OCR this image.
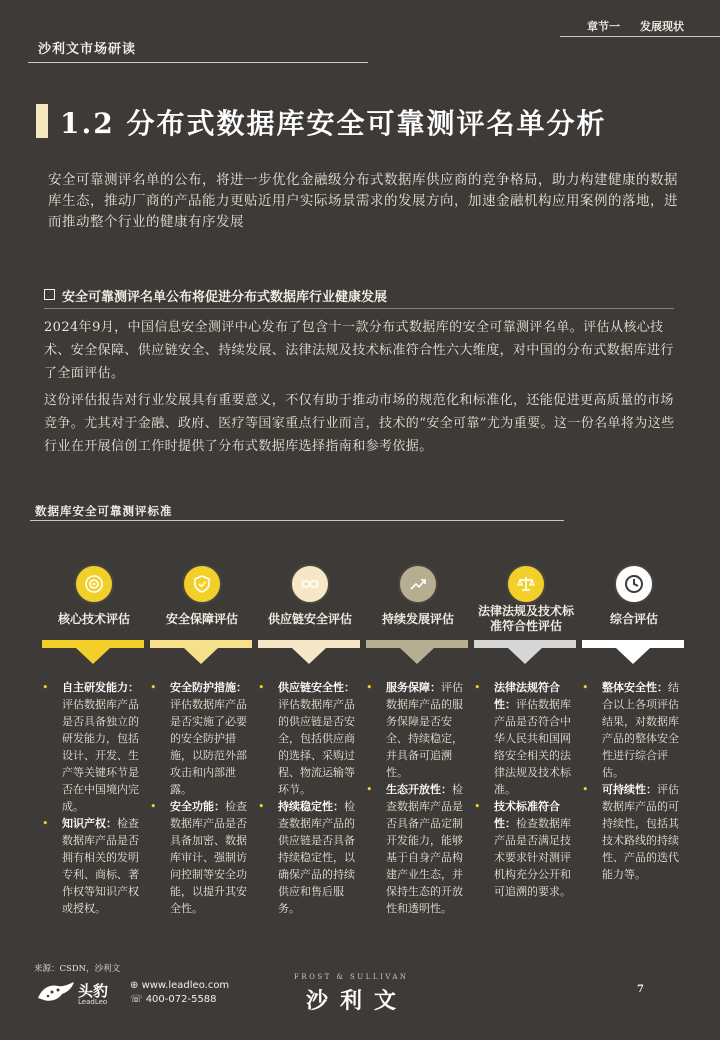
沙利文市场研读
章节一 发展现状
1.2 分布式数据库安全可靠测评名单分析
安全可靠测评名单的公布，将进一步优化金融级分布式数据库供应商的竞争格局，助力构建健康的数据库生态，推动厂商的产品能力更贴近用户实际场景需求的发展方向，加速金融机构应用案例的落地，进而推动整个行业的健康有序发展
安全可靠测评名单公布将促进分布式数据库行业健康发展
2024年9月，中国信息安全测评中心发布了包含十一款分布式数据库的安全可靠测评名单。评估从核心技术、安全保障、供应链安全、持续发展、法律法规及技术标准符合性六大维度，对中国的分布式数据库进行了全面评估。
这份评估报告对行业发展具有重要意义，不仅有助于推动市场的规范化和标准化，还能促进更高质量的市场竞争。尤其对于金融、政府、医疗等国家重点行业而言，技术的“安全可靠”尤为重要。这一份名单将为这些行业在开展信创工作时提供了分布式数据库选择指南和参考依据。
数据库安全可靠测评标准
核心技术评估
• 自主研发能力：评估数据库产品是否具备独立的研发能力，包括设计、开发、生产等关键环节是否在中国境内完成。
• 知识产权：检查数据库产品是否拥有相关的发明专利、商标、著作权等知识产权或授权。
安全保障评估
• 安全防护措施：评估数据库产品是否实施了必要的安全防护措施，以防范外部攻击和内部泄露。
• 安全功能：检查数据库产品是否具备加密、数据库审计、强制访问控制等安全功能，以提升其安全性。
供应链安全评估
• 供应链安全性：评估数据库产品的供应链是否安全，包括供应商的选择、采购过程、物流运输等环节。
• 持续稳定性：检查数据库产品的供应链是否具备持续稳定性，以确保产品的持续供应和售后服务。
持续发展评估
• 服务保障：评估数据库产品的服务保障是否安全、持续稳定，并具备可追溯性。
• 生态开放性：检查数据库产品是否具备产品定制开发能力，能够基于自身产品构建产业生态，并保持生态的开放性和透明性。
法律法规及技术标准符合性评估
• 法律法规符合性：评估数据库产品是否符合中华人民共和国网络安全相关的法律法规及技术标准。
• 技术标准符合性：检查数据库产品是否满足技术要求针对测评机构充分公开和可追溯的要求。
综合评估
• 整体安全性：结合以上各项评估结果，对数据库产品的整体安全性进行综合评估。
• 可持续性：评估数据库产品的可持续性，包括其技术路线的持续性、产品的迭代能力等。
来源：CSDN，沙利文
头豹
LeadLeo
⊕ www.leadleo.com
☏ 400-072-5588
FROST & SULLIVAN
沙利文	7
